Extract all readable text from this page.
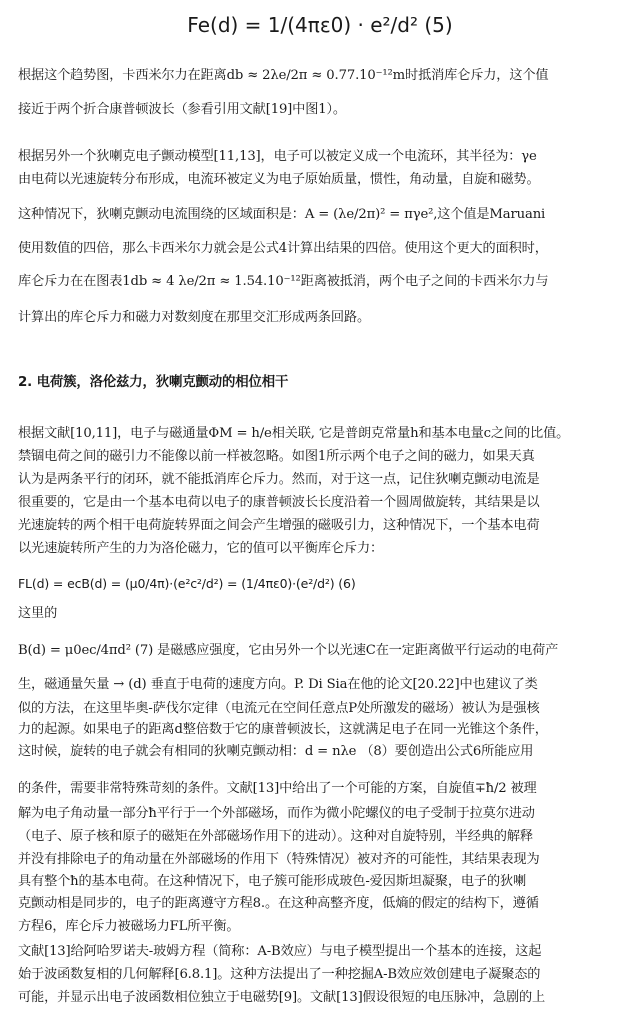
Fe(d) = 1/(4πε0) · e²/d² (5)
根据这个趋势图，卡西米尔力在距离db ≈ 2λe/2π ≈ 0.77.10⁻¹²m时抵消库仑斥力，这个值
接近于两个折合康普顿波长（参看引用文献[19]中图1）。
根据另外一个狄喇克电子颤动模型[11,13]，电子可以被定义成一个电流环，其半径为：γe
由电荷以光速旋转分布形成，电流环被定义为电子原始质量，惯性，角动量，自旋和磁势。
这种情况下，狄喇克颤动电流围绕的区域面积是：A = (λe/2π)² = πγe²,这个值是Maruani
使用数值的四倍，那么卡西米尔力就会是公式4计算出结果的四倍。使用这个更大的面积时，
库仑斥力在在图表1db ≈ 4 λe/2π ≈ 1.54.10⁻¹²距离被抵消，两个电子之间的卡西米尔力与
计算出的库仑斥力和磁力对数刻度在那里交汇形成两条回路。
2. 电荷簇，洛伦兹力，狄喇克颤动的相位相干
根据文献[10,11]，电子与磁通量ΦM = h/e相关联, 它是普朗克常量h和基本电量c之间的比值。
禁锢电荷之间的磁引力不能像以前一样被忽略。如图1所示两个电子之间的磁力，如果天真
认为是两条平行的闭环，就不能抵消库仑斥力。然而，对于这一点，记住狄喇克颤动电流是
很重要的，它是由一个基本电荷以电子的康普顿波长长度沿着一个圆周做旋转，其结果是以
光速旋转的两个相干电荷旋转界面之间会产生增强的磁吸引力，这种情况下，一个基本电荷
以光速旋转所产生的力为洛伦磁力，它的值可以平衡库仑斥力：
FL(d) = ecB(d) = (μ0/4π)·(e²c²/d²) = (1/4πε0)·(e²/d²) (6)
这里的
B(d) = μ0ec/4πd² (7) 是磁感应强度，它由另外一个以光速C在一定距离做平行运动的电荷产
生，磁通量矢量 → (d) 垂直于电荷的速度方向。P. Di Sia在他的论文[20.22]中也建议了类
似的方法，在这里毕奥-萨伐尔定律（电流元在空间任意点P处所激发的磁场）被认为是强核
力的起源。如果电子的距离d整倍数于它的康普顿波长，这就满足电子在同一光锥这个条件，
这时候，旋转的电子就会有相同的狄喇克颤动相：d = nλe （8）要创造出公式6所能应用
的条件，需要非常特殊苛刻的条件。文献[13]中给出了一个可能的方案，自旋值∓ħ/2 被理
解为电子角动量一部分ħ平行于一个外部磁场，而作为微小陀螺仪的电子受制于拉莫尔进动
（电子、原子核和原子的磁矩在外部磁场作用下的进动）。这种对自旋特别，半经典的解释
并没有排除电子的角动量在外部磁场的作用下（特殊情况）被对齐的可能性，其结果表现为
具有整个ħ的基本电荷。在这种情况下，电子簇可能形成玻色-爱因斯坦凝聚，电子的狄喇
克颤动相是同步的，电子的距离遵守方程8.。在这种高整齐度，低熵的假定的结构下，遵循
方程6，库仑斥力被磁场力FL所平衡。
文献[13]给阿哈罗诺夫-玻姆方程（简称：A-B效应）与电子模型提出一个基本的连接，这起
始于波函数复相的几何解释[6.8.1]。这种方法提出了一种挖掘A-B效应效创建电子凝聚态的
可能，并显示出电子波函数相位独立于电磁势[9]。文献[13]假设很短的电压脉冲，急剧的上
